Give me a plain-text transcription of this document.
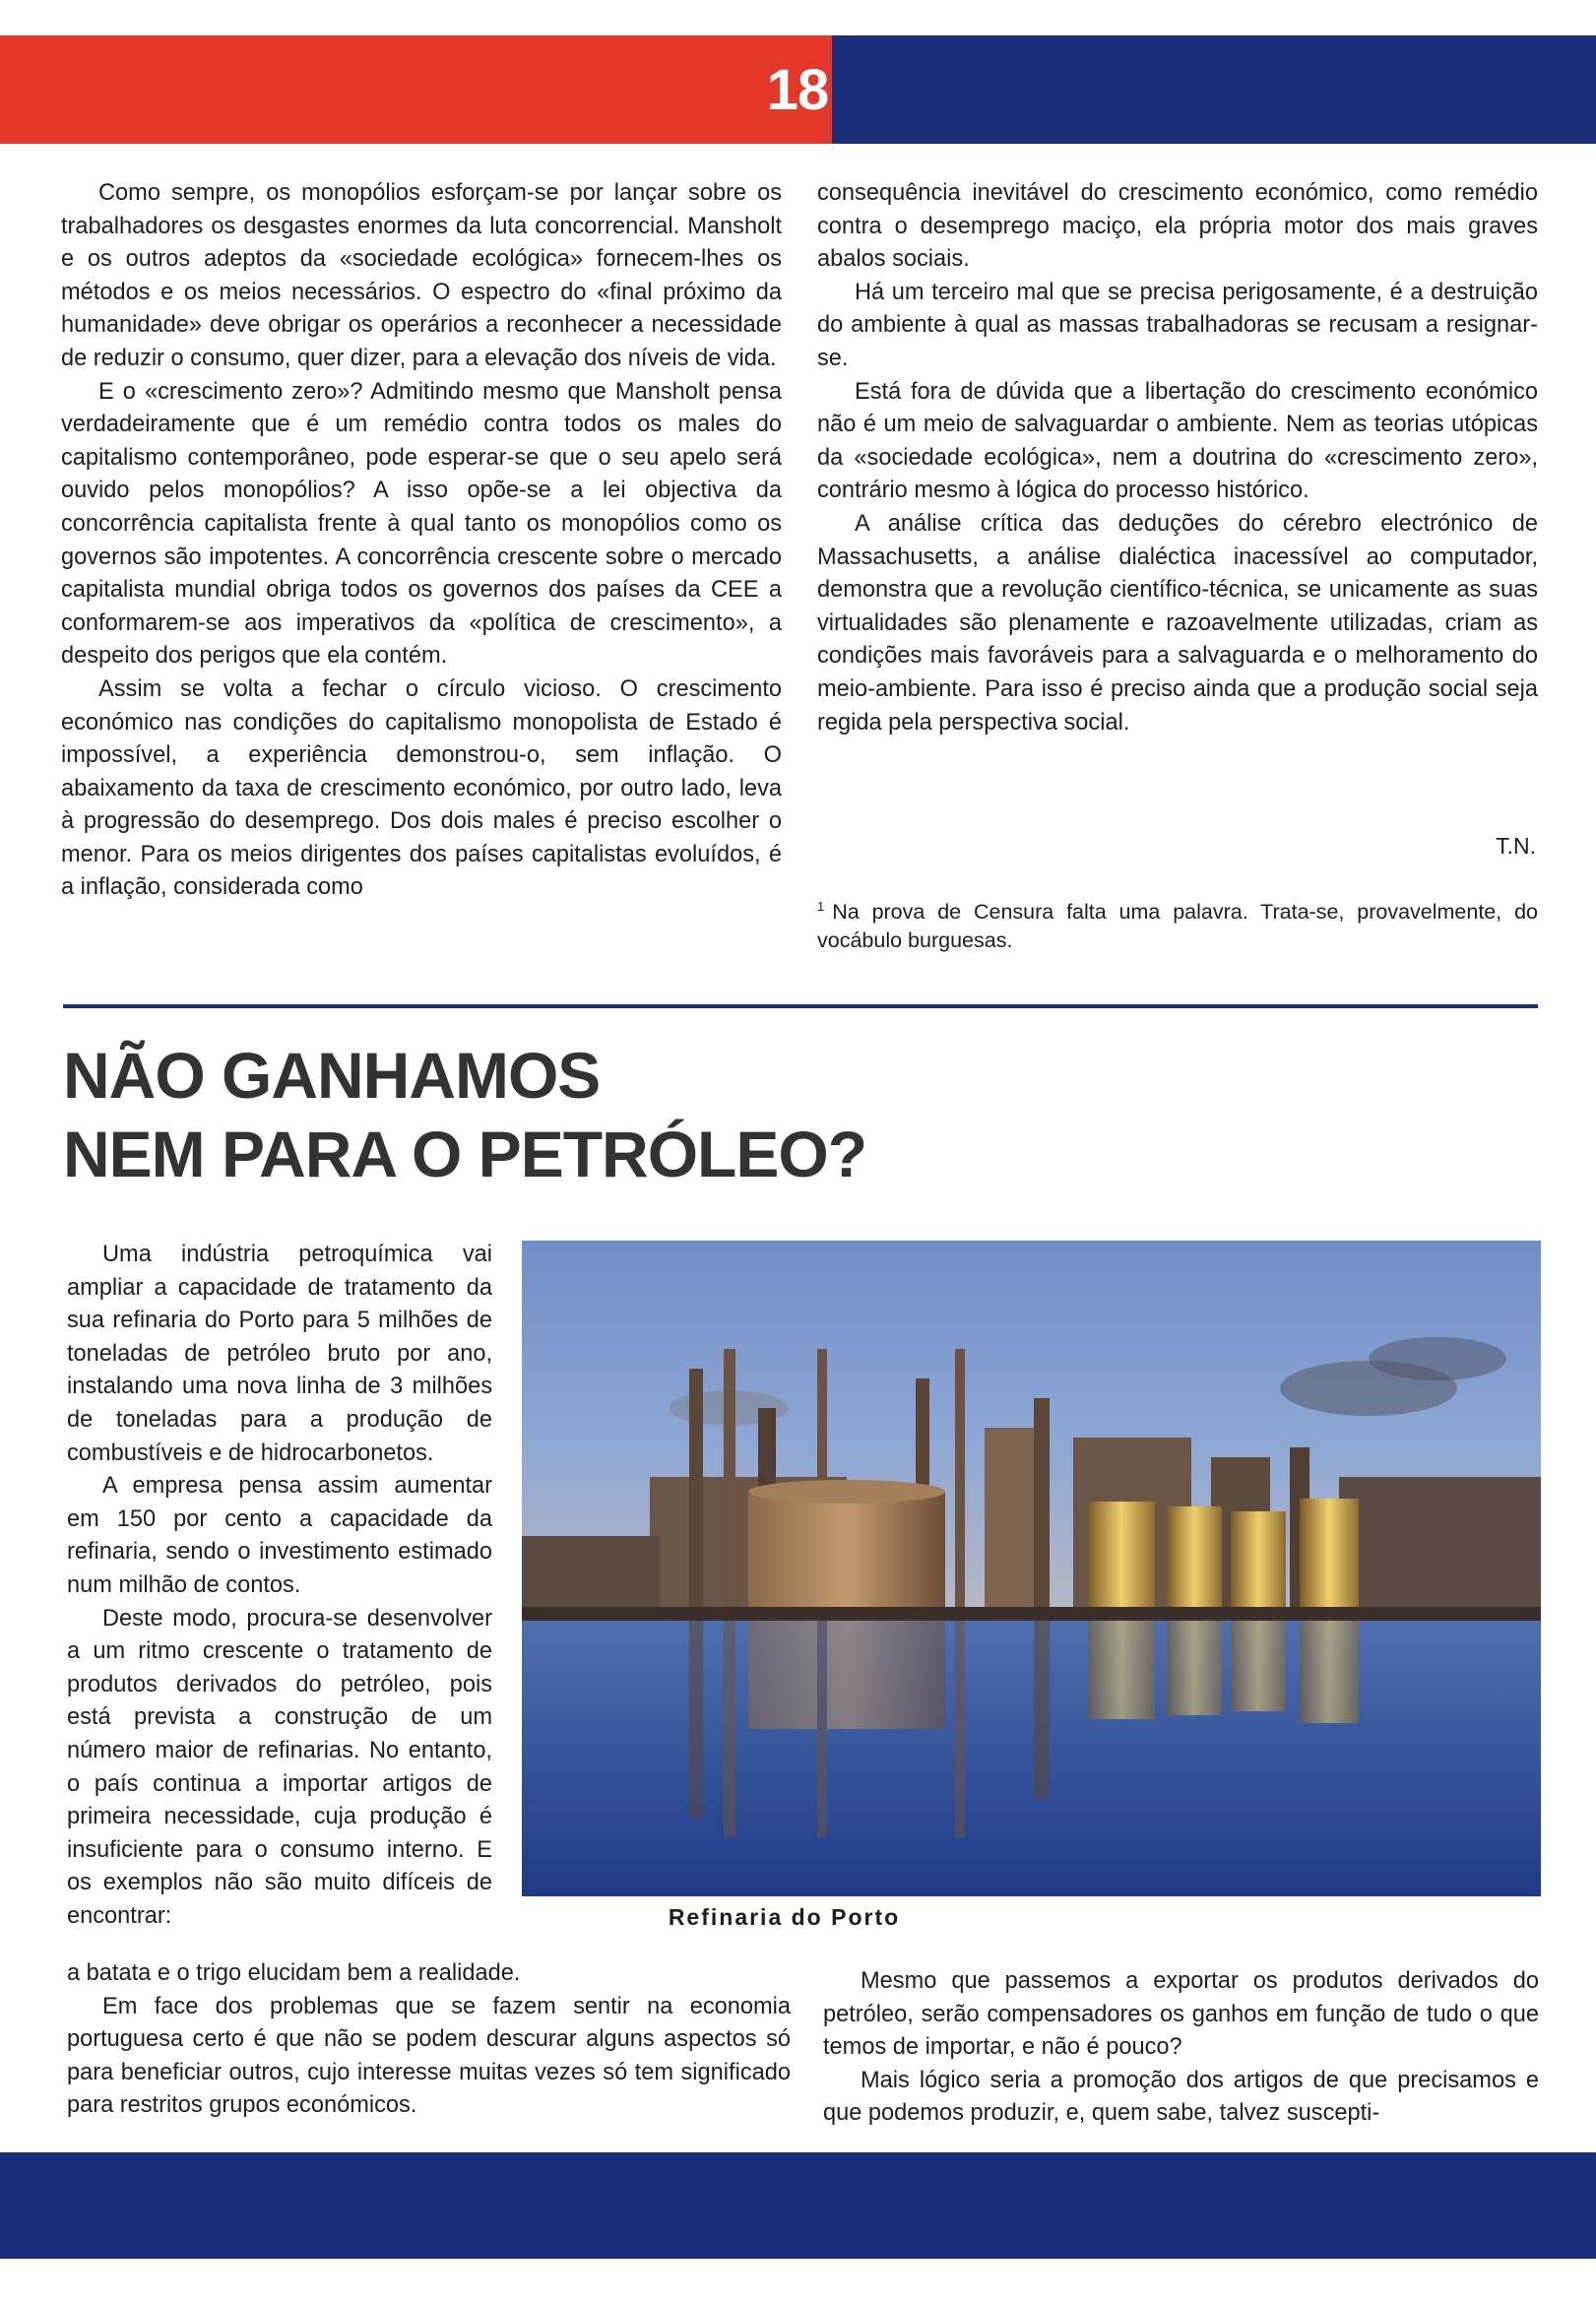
18

Como sempre, os monopólios esforçam-se por lançar sobre os trabalhadores os desgastes enormes da luta concorrencial. Mansholt e os outros adeptos da «sociedade ecológica» fornecem-lhes os métodos e os meios necessários. O espectro do «final próximo da humanidade» deve obrigar os operários a reconhecer a necessidade de reduzir o consumo, quer dizer, para a elevação dos níveis de vida.

E o «crescimento zero»? Admitindo mesmo que Mansholt pensa verdadeiramente que é um remédio contra todos os males do capitalismo contemporâneo, pode esperar-se que o seu apelo será ouvido pelos monopólios? A isso opõe-se a lei objectiva da concorrência capitalista frente à qual tanto os monopólios como os governos são impotentes. A concorrência crescente sobre o mercado capitalista mundial obriga todos os governos dos países da CEE a conformarem-se aos imperativos da «política de crescimento», a despeito dos perigos que ela contém.

Assim se volta a fechar o círculo vicioso. O crescimento económico nas condições do capitalismo monopolista de Estado é impossível, a experiência demonstrou-o, sem inflação. O abaixamento da taxa de crescimento económico, por outro lado, leva à progressão do desemprego. Dos dois males é preciso escolher o menor. Para os meios dirigentes dos países capitalistas evoluídos, é a inflação, considerada como

consequência inevitável do crescimento económico, como remédio contra o desemprego maciço, ela própria motor dos mais graves abalos sociais.

Há um terceiro mal que se precisa perigosamente, é a destruição do ambiente à qual as massas trabalhadoras se recusam a resignar-se.

Está fora de dúvida que a libertação do crescimento económico não é um meio de salvaguardar o ambiente. Nem as teorias utópicas da «sociedade ecológica», nem a doutrina do «crescimento zero», contrário mesmo à lógica do processo histórico.

A análise crítica das deduções do cérebro electrónico de Massachusetts, a análise dialéctica inacessível ao computador, demonstra que a revolução científico-técnica, se unicamente as suas virtualidades são plenamente e razoavelmente utilizadas, criam as condições mais favoráveis para a salvaguarda e o melhoramento do meio-ambiente. Para isso é preciso ainda que a produção social seja regida pela perspectiva social.

T.N.
$^1$ Na prova de Censura falta uma palavra. Trata-se, provavelmente, do vocábulo burguesas.
NÃO GANHAMOS
NEM PARA O PETRÓLEO?
Refinaria do Porto

Uma indústria petroquímica vai ampliar a capacidade de tratamento da sua refinaria do Porto para 5 milhões de toneladas de petróleo bruto por ano, instalando uma nova linha de 3 milhões de toneladas para a produção de combustíveis e de hidrocarbonetos.

A empresa pensa assim aumentar em 150 por cento a capacidade da refinaria, sendo o investimento estimado num milhão de contos.

Deste modo, procura-se desenvolver a um ritmo crescente o tratamento de produtos derivados do petróleo, pois está prevista a construção de um número maior de refinarias. No entanto, o país continua a importar artigos de primeira necessidade, cuja produção é insuficiente para o consumo interno. E os exemplos não são muito difíceis de encontrar:

a batata e o trigo elucidam bem a realidade.

Em face dos problemas que se fazem sentir na economia portuguesa certo é que não se podem descurar alguns aspectos só para beneficiar outros, cujo interesse muitas vezes só tem significado para restritos grupos económicos.

Mesmo que passemos a exportar os produtos derivados do petróleo, serão compensadores os ganhos em função de tudo o que temos de importar, e não é pouco?

Mais lógico seria a promoção dos artigos de que precisamos e que podemos produzir, e, quem sabe, talvez suscepti-
